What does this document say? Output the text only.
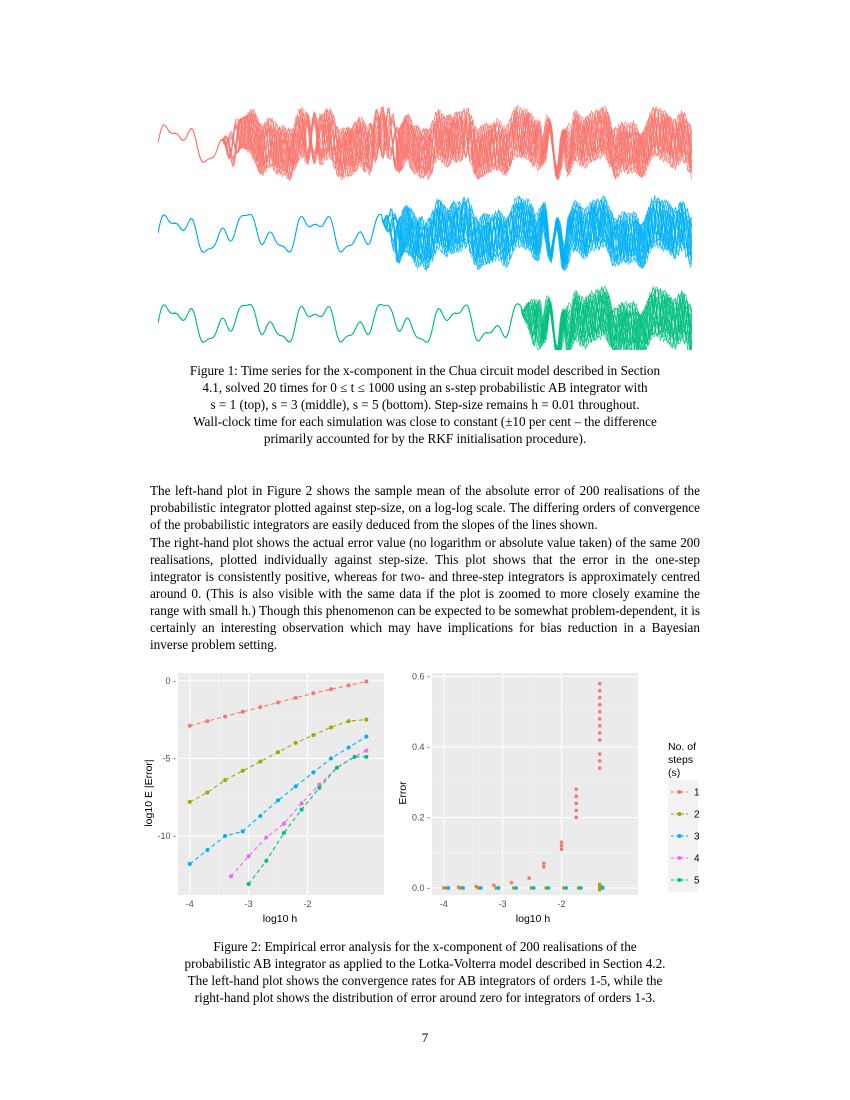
Figure 1: Time series for the x-component in the Chua circuit model described in Section

4.1, solved 20 times for 0 ≤ t ≤ 1000 using an s-step probabilistic AB integrator with

s = 1 (top), s = 3 (middle), s = 5 (bottom). Step-size remains h = 0.01 throughout.

Wall-clock time for each simulation was close to constant (±10 per cent – the difference

primarily accounted for by the RKF initialisation procedure).

The left-hand plot in Figure 2 shows the sample mean of the absolute error of 200 realisations of the probabilistic integrator plotted against step-size, on a log-log scale. The differing orders of convergence of the probabilistic integrators are easily deduced from the slopes of the lines shown.

The right-hand plot shows the actual error value (no logarithm or absolute value taken) of the same 200 realisations, plotted individually against step-size. This plot shows that the error in the one-step integrator is consistently positive, whereas for two- and three-step integrators is approximately centred around 0. (This is also visible with the same data if the plot is zoomed to more closely examine the range with small h.) Though this phenomenon can be expected to be somewhat problem-dependent, it is certainly an interesting observation which may have implications for bias reduction in a Bayesian inverse problem setting.

No. of
steps
(s)
log10 h	log10 h
log10 E |Error|	Error
-4	-3	-2
0 -
-5 -
-10 -
-4	-3	-2
0.0 -
0.2 -
0.4 -
0.6 -
1
2
3
4
5

Figure 2: Empirical error analysis for the x-component of 200 realisations of the

probabilistic AB integrator as applied to the Lotka-Volterra model described in Section 4.2.

The left-hand plot shows the convergence rates for AB integrators of orders 1-5, while the

right-hand plot shows the distribution of error around zero for integrators of orders 1-3.

7
